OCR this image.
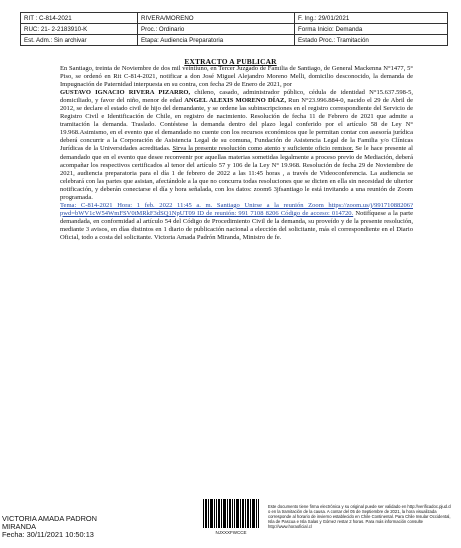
RIT : C-814-2021	RIVERA/MORENO	F. Ing.: 29/01/2021
RUC: 21- 2-2183910-K	Proc.: Ordinario	Forma Inicio: Demanda
Est. Adm.: Sin archivar	Etapa: Audiencia Preparatoria	Estado Proc.: Tramitación
EXTRACTO A PUBLICAR

En Santiago, treinta de Noviembre de dos mil veintiuno, en Tercer Juzgado de Familia de Santiago, de General Mackenna N°1477, 5° Piso, se ordenó en Rit C-814-2021, notificar a don José Miguel Alejandro Moreno Melli, domicilio desconocido, la demanda de Impugnación de Paternidad interpuesta en su contra, con fecha 29 de Enero de 2021, por

GUSTAVO IGNACIO RIVERA PIZARRO, chileno, casado, administrador público, cédula de identidad N°15.637.598-5, domiciliado, y favor del niño, menor de edad ANGEL ALEXIS MORENO DÍAZ, Run N°23.996.884-0, nacido el 29 de Abril de 2012, se declare el estado civil de hijo del demandante, y se ordene las subinscripciones en el registro correspondiente del Servicio de Registro Civil e Identificación de Chile, en registro de nacimiento. Resolución de fecha 11 de Febrero de 2021 que admite a tramitación la demanda. Traslado. Contéstese la demanda dentro del plazo legal conferido por el artículo 58 de Ley N° 19.968.Asimismo, en el evento que el demandado no cuente con los recursos económicos que le permitan contar con asesoría jurídica deberá concurrir a la Corporación de Asistencia Legal de su comuna, Fundación de Asistencia Legal de la Familia y/o Clínicas Jurídicas de la Universidades acreditadas. Sirva la presente resolución como atento y suficiente oficio remisor. Se le hace presente al demandado que en el evento que desee reconvenir por aquellas materias sometidas legalmente a proceso previo de Mediación, deberá acompañar los respectivos certificados al tenor del artículo 57 y 106 de la Ley N° 19.968. Resolución de fecha 29 de Noviembre de 2021, audiencia preparatoria para el día 1 de febrero de 2022 a las 11:45 horas , a través de Videoconferencia. La audiencia se celebrará con las partes que asistan, afectándole a la que no concurra todas resoluciones que se dicten en ella sin necesidad de ulterior notificación, y deberán conectarse el día y hora señalada, con los datos: zoom6 3jfsantiago le está invitando a una reunión de Zoom programada.

Tema: C-814-2021 Hora: 1 feb. 2022 11:45 a. m. Santiago Unirse a la reunión Zoom https://zoom.us/j/99171088206? pwd=bWV1cW54WmFSV0tMRkF3dSQ1NpUT09 ID de reunión: 991 7108 8206 Código de acceso: 014720. Notifíquese a la parte demandada, en conformidad al artículo 54 del Código de Procedimiento Civil de la demanda, su proveído y de la presente resolución, mediante 3 avisos, en días distintos en 1 diario de publicación nacional a elección del solicitante, más el correspondiente en el Diario Oficial, todo a costa del solicitante. Victoria Amada Padrón Miranda, Ministro de fe.

VICTORIA AMADA PADRON
MIRANDA
Fecha: 30/11/2021 10:50:13	NJXXXFWCCE
Este documento tiene firma electrónica y su original puede ser validado en http://verificadoc.pjud.cl o en la tramitación de la causa. A contar del 05 de Septiembre de 2021, la hora visualizada corresponde al horario de invierno establecido en Chile Continental. Para Chile Insular Occidental, Isla de Pascua e Isla Salas y Gómez restar 2 horas. Para más información consulte http://www.horaoficial.cl
